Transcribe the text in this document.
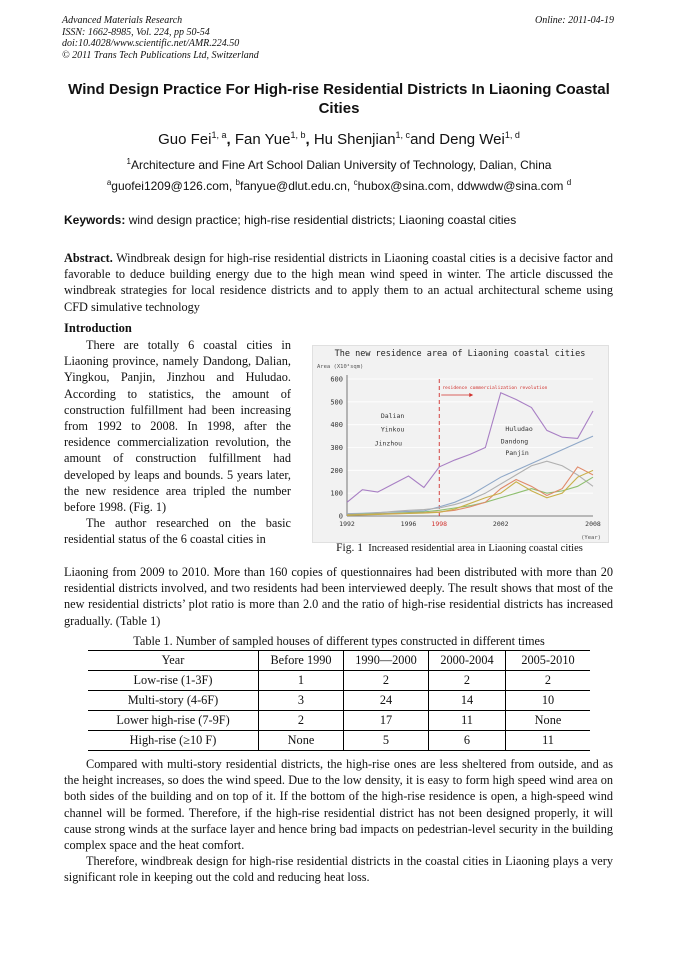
Advanced Materials Research
ISSN: 1662-8985, Vol. 224, pp 50-54
doi:10.4028/www.scientific.net/AMR.224.50
© 2011 Trans Tech Publications Ltd, Switzerland
Online: 2011-04-19
Wind Design Practice For High-rise Residential Districts In Liaoning Coastal Cities
Guo Fei$^{1, a}$, Fan Yue$^{1, b}$, Hu Shenjian$^{1, c}$and Deng Wei$^{1, d}$
$^1$Architecture and Fine Art School Dalian University of Technology, Dalian, China
$^a$guofei1209@126.com, $^b$fanyue@dlut.edu.cn, $^c$hubox@sina.com, ddwwdw@sina.com $^d$
Keywords: wind design practice; high-rise residential districts; Liaoning coastal cities
Abstract. Windbreak design for high-rise residential districts in Liaoning coastal cities is a decisive factor and favorable to deduce building energy due to the high mean wind speed in winter. The article discussed the windbreak strategies for local residence districts and to apply them to an actual architectural scheme using CFD simulative technology
Introduction

There are totally 6 coastal cities in Liaoning province, namely Dandong, Dalian, Yingkou, Panjin, Jinzhou and Huludao. According to statistics, the amount of construction fulfillment had been increasing from 1992 to 2008. In 1998, after the residence commercialization revolution, the amount of construction fulfillment had developed by leaps and bounds. 5 years later, the new residence area tripled the number before 1998. (Fig. 1)

The author researched on the basic residential status of the 6 coastal cities in

The new residence area of Liaoning coastal cities
Area (X10⁴sqm)
(Year)
0
100
200
300
400
500
600
1992	1996 1998	2002	2008
residence commercialization revolution
Dalian
Yinkou
Jinzhou
Huludao
Dandong
Panjin
Fig. 1 Increased residential area in Liaoning coastal cities
Liaoning from 2009 to 2010. More than 160 copies of questionnaires had been distributed with more than 20 residential districts involved, and two residents had been interviewed deeply. The result shows that most of the new residential districts’ plot ratio is more than 2.0 and the ratio of high-rise residential districts has increased gradually. (Table 1)
Table 1. Number of sampled houses of different types constructed in different times
Year	Before 1990	1990—2000	2000-2004	2005-2010
Low-rise (1-3F)	1	2	2	2
Multi-story (4-6F)	3	24	14	10
Lower high-rise (7-9F)	2	17	11	None
High-rise (≥10 F)	None	5	6	11
Compared with multi-story residential districts, the high-rise ones are less sheltered from outside, and as the height increases, so does the wind speed. Due to the low density, it is easy to form high speed wind area on both sides of the building and on top of it. If the bottom of the high-rise residence is open, a high-speed wind channel will be formed. Therefore, if the high-rise residential district has not been designed properly, it will cause strong winds at the surface layer and hence bring bad impacts on pedestrian-level security in the building complex space and the heat comfort.
Therefore, windbreak design for high-rise residential districts in the coastal cities in Liaoning plays a very significant role in keeping out the cold and reducing heat loss.
